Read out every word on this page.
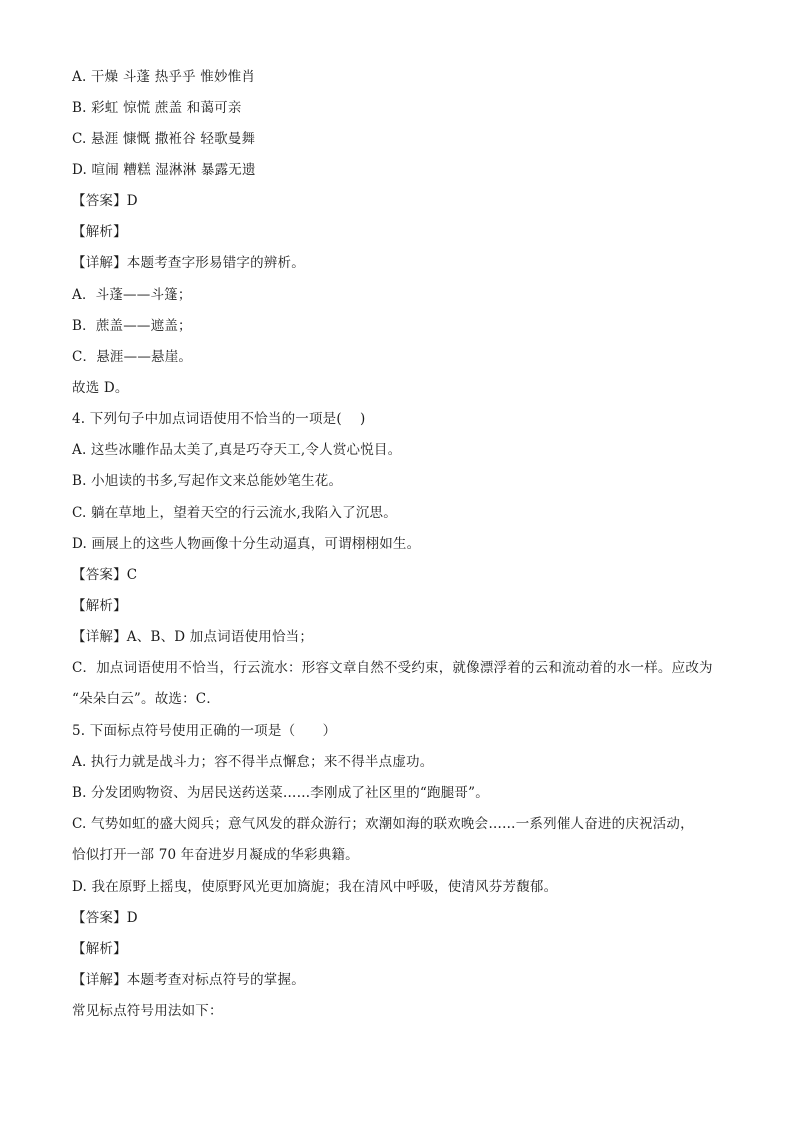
A. 干燥 斗蓬 热乎乎 惟妙惟肖
B. 彩虹 惊慌 蔗盖 和蔼可亲
C. 悬涯 慷慨 撒袵谷 轻歌曼舞
D. 喧闹 糟糕 湿淋淋 暴露无遗
【答案】D
【解析】
【详解】本题考查字形易错字的辨析。
A．斗蓬——斗篷；
B．蔗盖——遮盖；
C．悬涯——悬崖。
故选 D。
4. 下列句子中加点词语使用不恰当的一项是(　 )
A. 这些冰雕作品太美了,真是巧夺天工,令人赏心悦目。
B. 小旭读的书多,写起作文来总能妙笔生花。
C. 躺在草地上，望着天空的行云流水,我陷入了沉思。
D. 画展上的这些人物画像十分生动逼真，可谓栩栩如生。
【答案】C
【解析】
【详解】A、B、D 加点词语使用恰当；
C．加点词语使用不恰当，行云流水：形容文章自然不受约束，就像漂浮着的云和流动着的水一样。应改为
“朵朵白云”。故选：C．
5. 下面标点符号使用正确的一项是（　　）
A. 执行力就是战斗力；容不得半点懈怠；来不得半点虚功。
B. 分发团购物资、为居民送药送菜……李刚成了社区里的“跑腿哥”。
C. 气势如虹的盛大阅兵；意气风发的群众游行；欢潮如海的联欢晚会……一系列催人奋进的庆祝活动，
恰似打开一部 70 年奋进岁月凝成的华彩典籍。
D. 我在原野上摇曳，使原野风光更加旖旎；我在清风中呼吸，使清风芬芳馥郁。
【答案】D
【解析】
【详解】本题考查对标点符号的掌握。
常见标点符号用法如下：
